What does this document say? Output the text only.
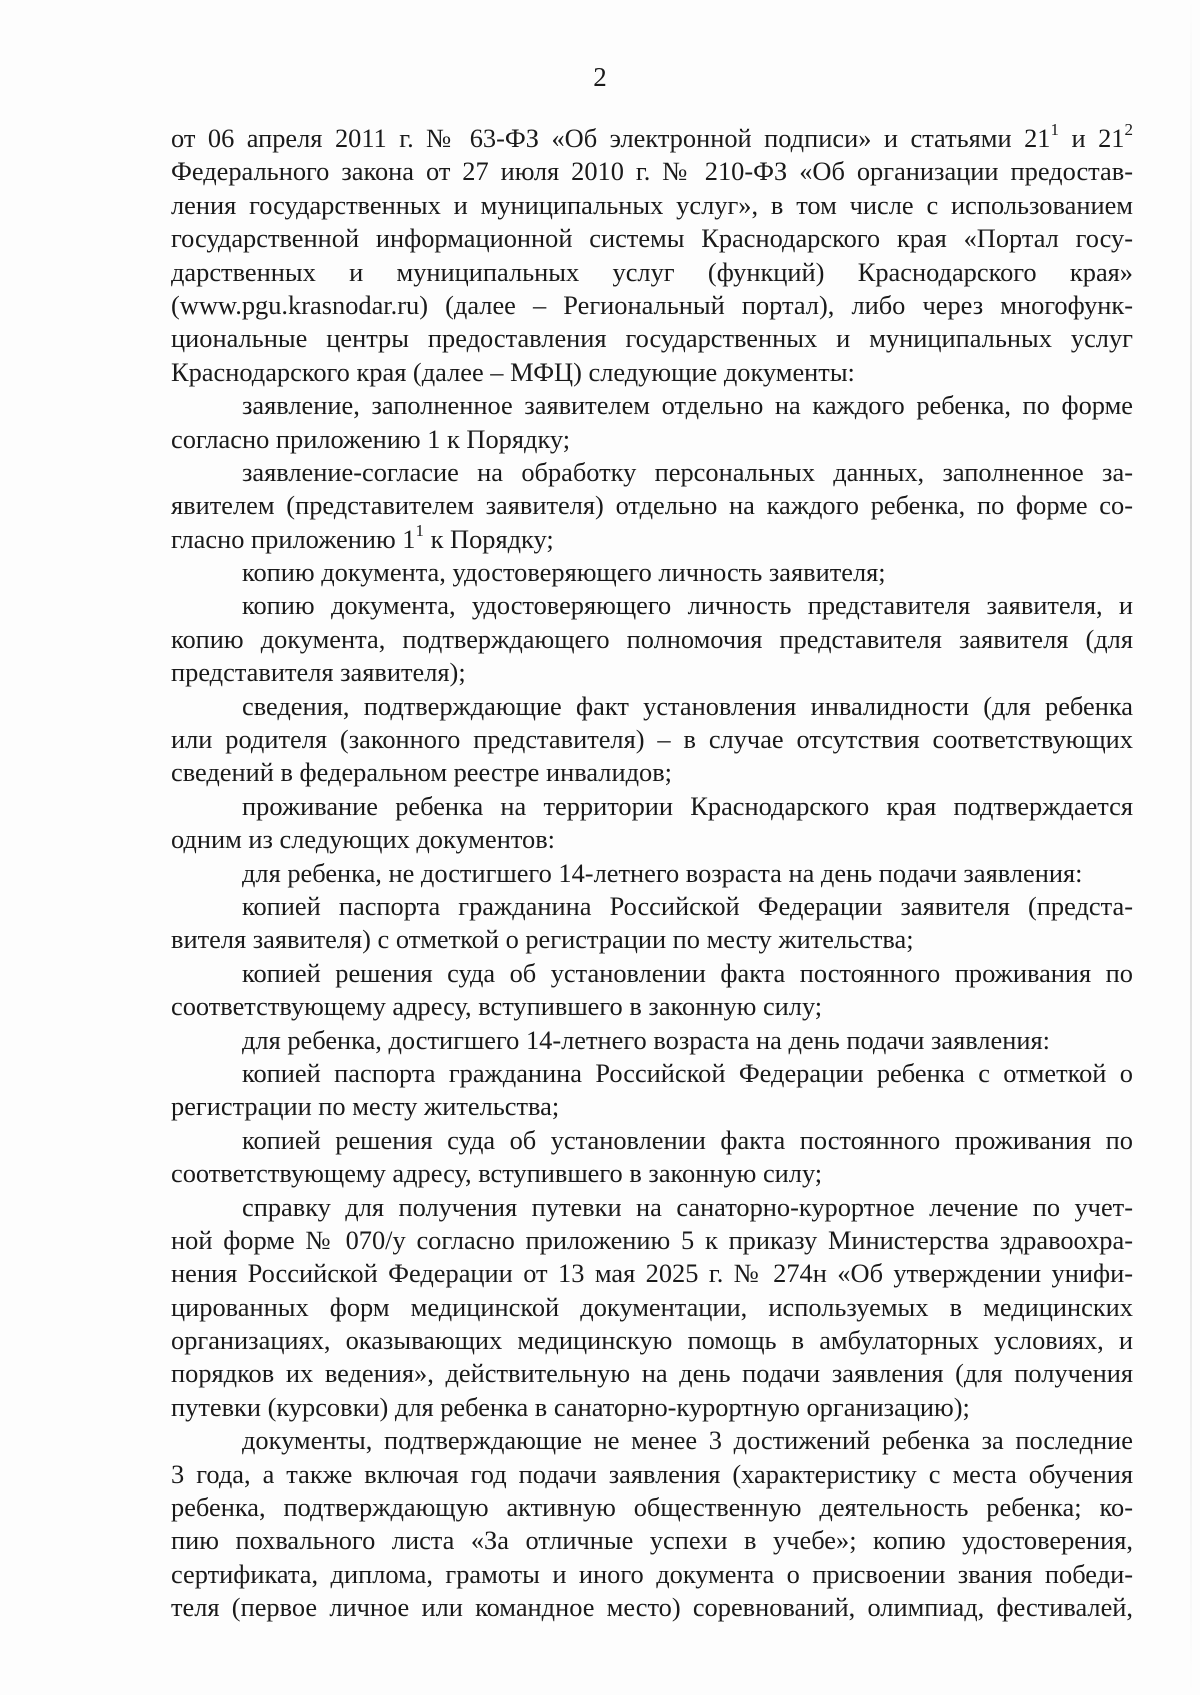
2
от 06 апреля 2011 г. № 63-ФЗ «Об электронной подписи» и статьями $21^1$ и $21^2$
Федерального закона от 27 июля 2010 г. № 210-ФЗ «Об организации предостав-
ления государственных и муниципальных услуг», в том числе с использованием
государственной информационной системы Краснодарского края «Портал госу-
дарственных и муниципальных услуг (функций) Краснодарского края»
(www.pgu.krasnodar.ru) (далее – Региональный портал), либо через многофунк-
циональные центры предоставления государственных и муниципальных услуг
Краснодарского края (далее – МФЦ) следующие документы:
заявление, заполненное заявителем отдельно на каждого ребенка, по форме
согласно приложению 1 к Порядку;
заявление-согласие на обработку персональных данных, заполненное за-
явителем (представителем заявителя) отдельно на каждого ребенка, по форме со-
гласно приложению $1^1$ к Порядку;
копию документа, удостоверяющего личность заявителя;
копию документа, удостоверяющего личность представителя заявителя, и
копию документа, подтверждающего полномочия представителя заявителя (для
представителя заявителя);
сведения, подтверждающие факт установления инвалидности (для ребенка
или родителя (законного представителя) – в случае отсутствия соответствующих
сведений в федеральном реестре инвалидов;
проживание ребенка на территории Краснодарского края подтверждается
одним из следующих документов:
для ребенка, не достигшего 14-летнего возраста на день подачи заявления:
копией паспорта гражданина Российской Федерации заявителя (предста-
вителя заявителя) с отметкой о регистрации по месту жительства;
копией решения суда об установлении факта постоянного проживания по
соответствующему адресу, вступившего в законную силу;
для ребенка, достигшего 14-летнего возраста на день подачи заявления:
копией паспорта гражданина Российской Федерации ребенка с отметкой о
регистрации по месту жительства;
копией решения суда об установлении факта постоянного проживания по
соответствующему адресу, вступившего в законную силу;
справку для получения путевки на санаторно-курортное лечение по учет-
ной форме № 070/у согласно приложению 5 к приказу Министерства здравоохра-
нения Российской Федерации от 13 мая 2025 г. № 274н «Об утверждении унифи-
цированных форм медицинской документации, используемых в медицинских
организациях, оказывающих медицинскую помощь в амбулаторных условиях, и
порядков их ведения», действительную на день подачи заявления (для получения
путевки (курсовки) для ребенка в санаторно-курортную организацию);
документы, подтверждающие не менее 3 достижений ребенка за последние
3 года, а также включая год подачи заявления (характеристику с места обучения
ребенка, подтверждающую активную общественную деятельность ребенка; ко-
пию похвального листа «За отличные успехи в учебе»; копию удостоверения,
сертификата, диплома, грамоты и иного документа о присвоении звания победи-
теля (первое личное или командное место) соревнований, олимпиад, фестивалей,
